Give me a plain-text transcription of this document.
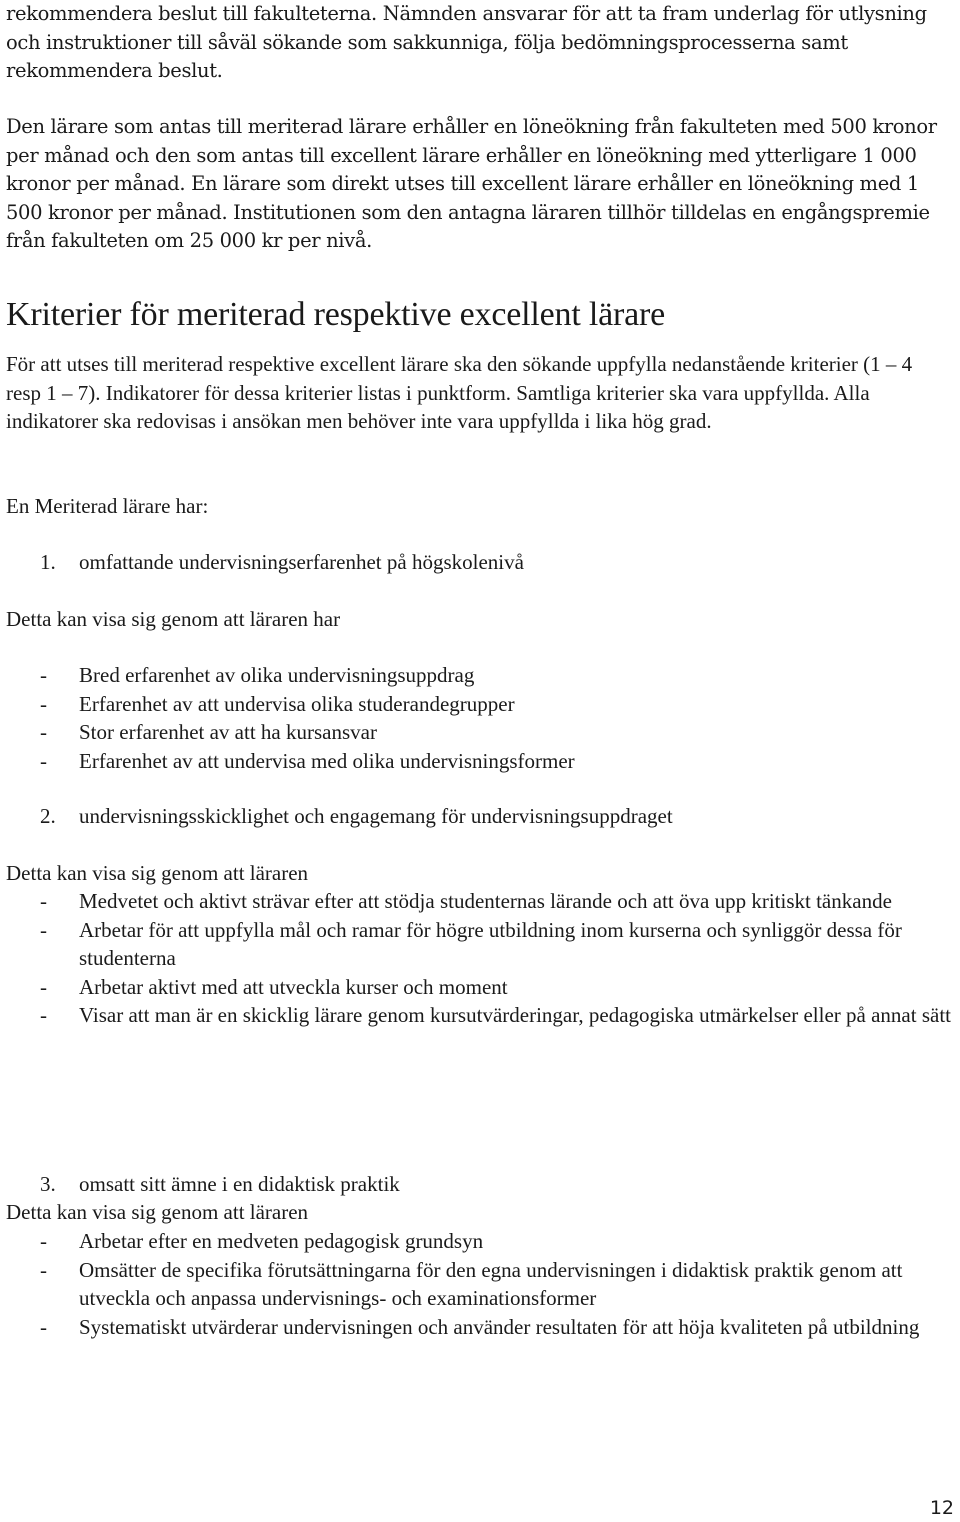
rekommendera beslut till fakulteterna. Nämnden ansvarar för att ta fram underlag för utlysning och instruktioner till såväl sökande som sakkunniga, följa bedömningsprocesserna samt rekommendera beslut.

Den lärare som antas till meriterad lärare erhåller en löneökning från fakulteten med 500 kronor per månad och den som antas till excellent lärare erhåller en löneökning med ytterligare 1 000 kronor per månad. En lärare som direkt utses till excellent lärare erhåller en löneökning med 1 500 kronor per månad. Institutionen som den antagna läraren tillhör tilldelas en engångspremie från fakulteten om 25 000 kr per nivå.

Kriterier för meriterad respektive excellent lärare

För att utses till meriterad respektive excellent lärare ska den sökande uppfylla nedanstående kriterier (1 – 4 resp 1 – 7). Indikatorer för dessa kriterier listas i punktform. Samtliga kriterier ska vara uppfyllda. Alla indikatorer ska redovisas i ansökan men behöver inte vara uppfyllda i lika hög grad.

En Meriterad lärare har:
1. omfattande undervisningserfarenhet på högskolenivå
Detta kan visa sig genom att läraren har
- Bred erfarenhet av olika undervisningsuppdrag
- Erfarenhet av att undervisa olika studerandegrupper
- Stor erfarenhet av att ha kursansvar
- Erfarenhet av att undervisa med olika undervisningsformer
2. undervisningsskicklighet och engagemang för undervisningsuppdraget
Detta kan visa sig genom att läraren
- Medvetet och aktivt strävar efter att stödja studenternas lärande och att öva upp kritiskt tänkande
- Arbetar för att uppfylla mål och ramar för högre utbildning inom kurserna och synliggör dessa för studenterna
- Arbetar aktivt med att utveckla kurser och moment
- Visar att man är en skicklig lärare genom kursutvärderingar, pedagogiska utmärkelser eller på annat sätt
3. omsatt sitt ämne i en didaktisk praktik
Detta kan visa sig genom att läraren
- Arbetar efter en medveten pedagogisk grundsyn
- Omsätter de specifika förutsättningarna för den egna undervisningen i didaktisk praktik genom att utveckla och anpassa undervisnings- och examinationsformer
- Systematiskt utvärderar undervisningen och använder resultaten för att höja kvaliteten på utbildning
12
